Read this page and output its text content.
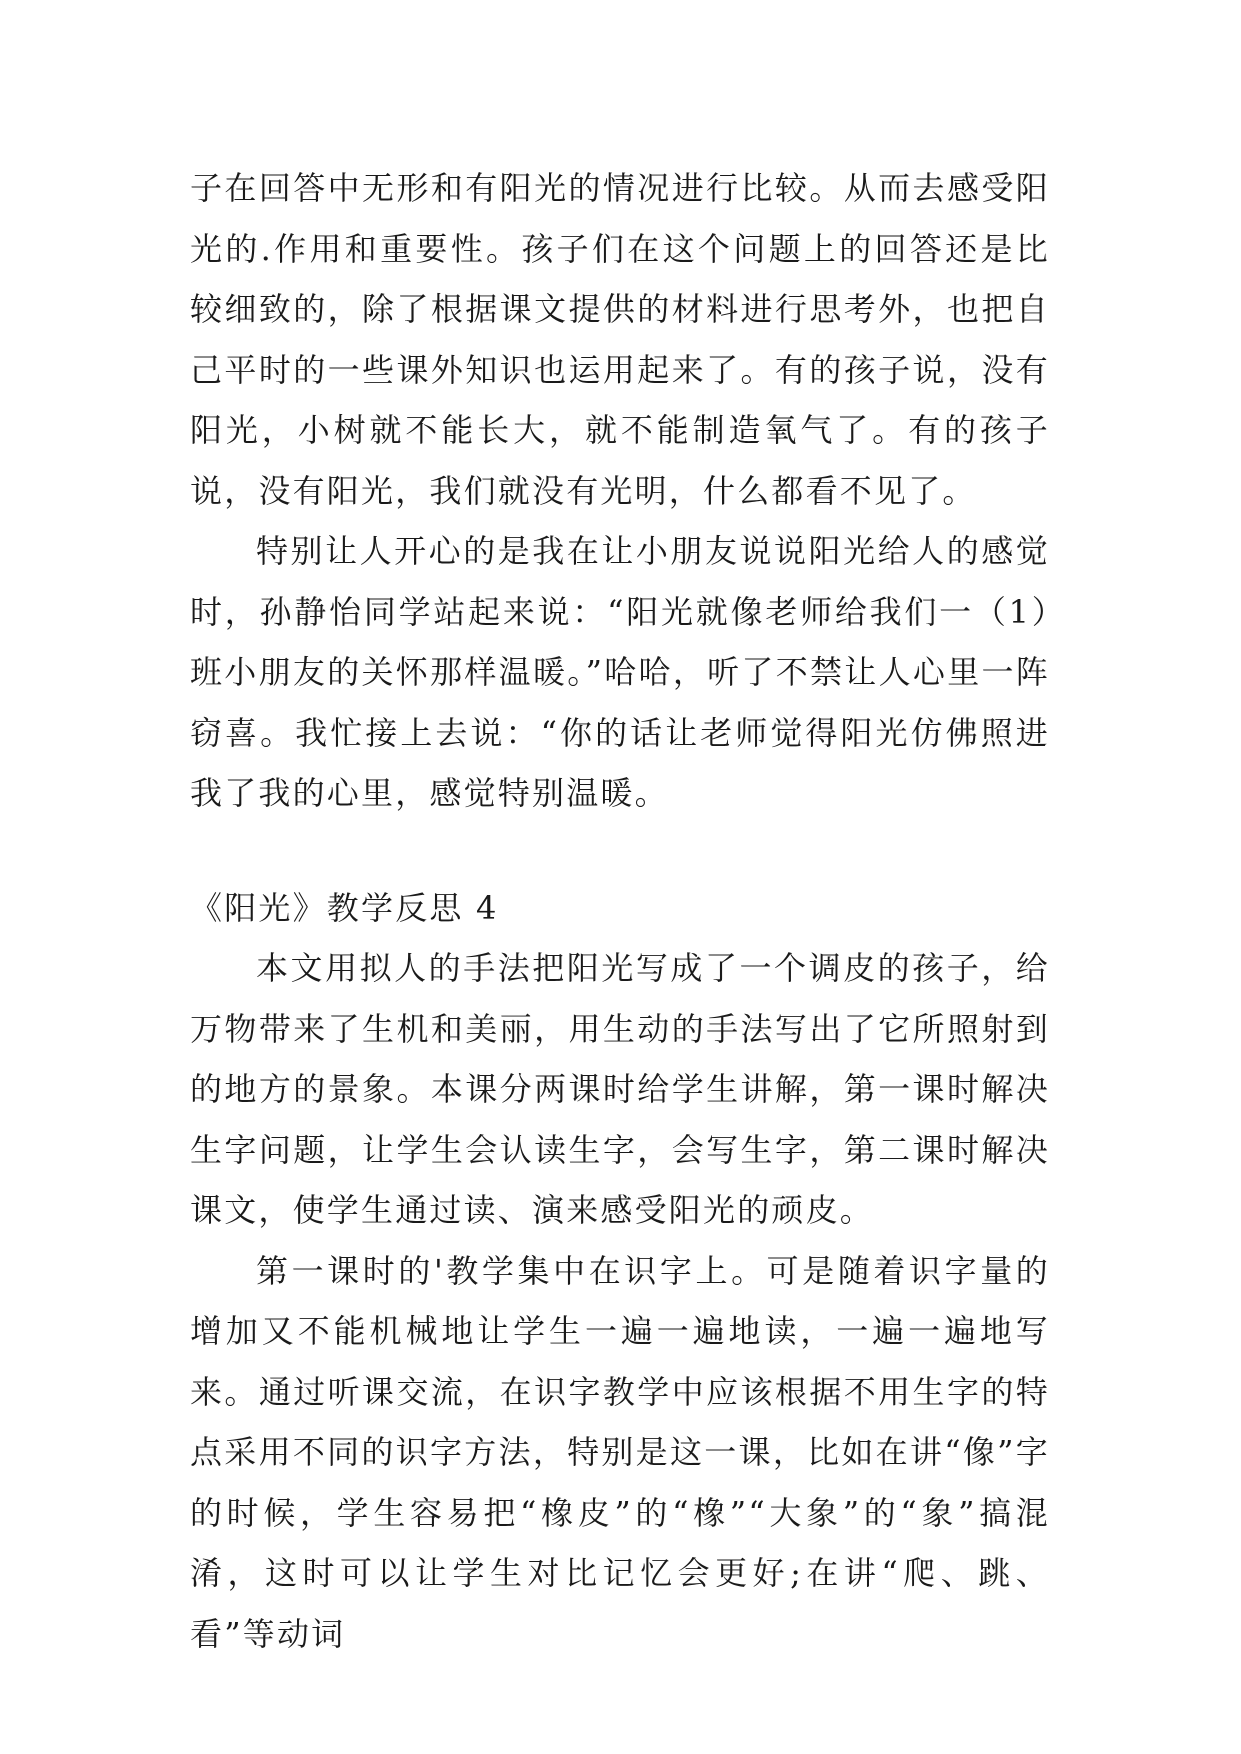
子在回答中无形和有阳光的情况进行比较。从而去感受阳光的.作用和重要性。孩子们在这个问题上的回答还是比较细致的，除了根据课文提供的材料进行思考外，也把自己平时的一些课外知识也运用起来了。有的孩子说，没有阳光，小树就不能长大，就不能制造氧气了。有的孩子说，没有阳光，我们就没有光明，什么都看不见了。

特别让人开心的是我在让小朋友说说阳光给人的感觉时，孙静怡同学站起来说：“阳光就像老师给我们一（1）班小朋友的关怀那样温暖。”哈哈，听了不禁让人心里一阵窃喜。我忙接上去说：“你的话让老师觉得阳光仿佛照进我了我的心里，感觉特别温暖。

《阳光》教学反思 4

本文用拟人的手法把阳光写成了一个调皮的孩子，给万物带来了生机和美丽，用生动的手法写出了它所照射到的地方的景象。本课分两课时给学生讲解，第一课时解决生字问题，让学生会认读生字，会写生字，第二课时解决课文，使学生通过读、演来感受阳光的顽皮。

第一课时的'教学集中在识字上。可是随着识字量的增加又不能机械地让学生一遍一遍地读，一遍一遍地写来。通过听课交流，在识字教学中应该根据不用生字的特点采用不同的识字方法，特别是这一课，比如在讲“像”字的时候，学生容易把“橡皮”的“橡”“大象”的“象”搞混淆，这时可以让学生对比记忆会更好;在讲“爬、跳、看”等动词
